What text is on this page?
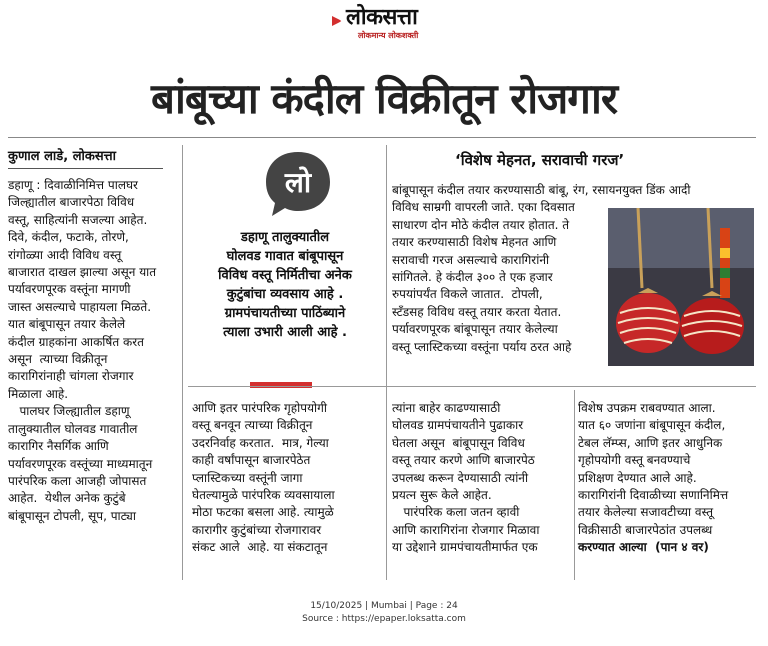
लोकसत्ता
लोकमान्य लोकशक्ती
बांबूच्या कंदील विक्रीतून रोजगार
कुणाल लाडे, लोकसत्ता

डहाणू : दिवाळीनिमित्त पालघर

जिल्ह्यातील बाजारपेठा विविध

वस्तू, साहित्यांनी सजल्या आहेत.

दिवे, कंदील, फटाके, तोरणे,

रांगोळ्या आदी विविध वस्तू

बाजारात दाखल झाल्या असून यात

पर्यावरणपूरक वस्तूंना मागणी

जास्त असल्याचे पाहायला मिळते.

यात बांबूपासून तयार केलेले

कंदील ग्राहकांना आकर्षित करत

असून  त्याच्या विक्रीतून

कारागिरांनाही चांगला रोजगार

मिळाला आहे.

पालघर जिल्ह्यातील डहाणू

तालुक्यातील घोलवड गावातील

कारागिर नैसर्गिक आणि

पर्यावरणपूरक वस्तूंच्या माध्यमातून

पारंपरिक कला आजही जोपासत

आहेत.  येथील अनेक कुटुंबे

बांबूपासून टोपली, सूप, पाट्या

लो

डहाणू तालुक्यातील

घोलवड गावात बांबूपासून

विविध वस्तू निर्मितीचा अनेक

कुटुंबांचा व्यवसाय आहे .

ग्रामपंचायतीच्या पाठिंब्याने

त्याला उभारी आली आहे .

‘विशेष मेहनत, सरावाची गरज’

बांबूपासून कंदील तयार करण्यासाठी बांबू, रंग, रसायनयुक्त डिंक आदी

विविध साम्रगी वापरली जाते. एका दिवसात

साधारण दोन मोठे कंदील तयार होतात. ते

तयार करण्यासाठी विशेष मेहनत आणि

सरावाची गरज असल्याचे कारागिरांनी

सांगितले. हे कंदील ३०० ते एक हजार

रुपयांपर्यंत विकले जातात.  टोपली,

स्टँडसह विविध वस्तू तयार करता येतात.

पर्यावरणपूरक बांबूपासून तयार केलेल्या

वस्तू प्लास्टिकच्या वस्तूंना पर्याय ठरत आहे

आणि इतर पारंपरिक गृहोपयोगी

वस्तू बनवून त्याच्या विक्रीतून

उदरनिर्वाह करतात.  मात्र, गेल्या

काही वर्षांपासून बाजारपेठेत

प्लास्टिकच्या वस्तूंनी जागा

घेतल्यामुळे पारंपरिक व्यवसायाला

मोठा फटका बसला आहे. त्यामुळे

कारागीर कुटुंबांच्या रोजगारावर

संकट आले  आहे. या संकटातून

त्यांना बाहेर काढण्यासाठी

घोलवड ग्रामपंचायतीने पुढाकार

घेतला असून  बांबूपासून विविध

वस्तू तयार करणे आणि बाजारपेठ

उपलब्ध करून देण्यासाठी त्यांनी

प्रयत्न सुरू केले आहेत.

पारंपरिक कला जतन व्हावी

आणि कारागिरांना रोजगार मिळावा

या उद्देशाने ग्रामपंचायतीमार्फत एक

विशेष उपक्रम राबवण्यात आला.

यात ६० जणांना बांबूपासून कंदील,

टेबल लॅम्प्स, आणि इतर आधुनिक

गृहोपयोगी वस्तू बनवण्याचे

प्रशिक्षण देण्यात आले आहे.

कारागिरांनी दिवाळीच्या सणानिमित्त

तयार केलेल्या सजावटीच्या वस्तू

विक्रीसाठी बाजारपेठांत उपलब्ध

करण्यात आल्या  (पान ४ वर)

15/10/2025 | Mumbai | Page : 24
Source : https://epaper.loksatta.com
